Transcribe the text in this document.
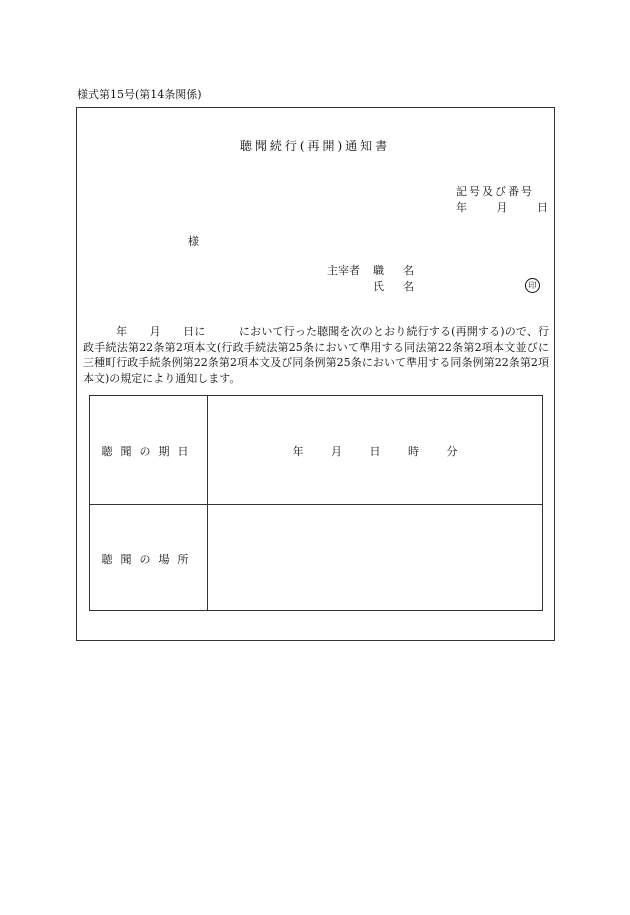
様式第15号(第14条関係)
聴聞続行(再開)通知書
記号及び番号
年	月	日
様
主宰者	職　名
氏　名	印
年　　月　　日に　　　において行った聴聞を次のとおり続行する(再開する)ので、行政手続法第22条第2項本文(行政手続法第25条において準用する同法第22条第2項本文並びに三種町行政手続条例第22条第2項本文及び同条例第25条において準用する同条例第22条第2項本文)の規定により通知します。
聴聞の期日	年	月	日	時	分
聴聞の場所
